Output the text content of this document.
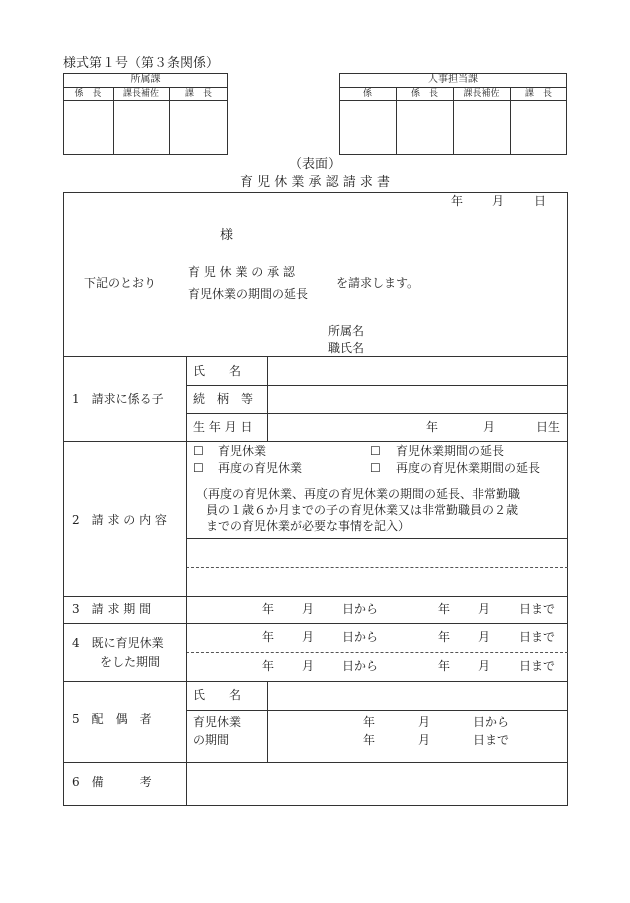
様式第１号（第３条関係）
所属課
係　長	課長補佐	課　長
人事担当課
係	係　長	課長補佐	課　長
（表面）
育 児 休 業 承 認 請 求 書
年 月 日
様
下記のとおり
育 児 休 業 の 承 認
育児休業の期間の延長
を請求します。
所属名
職氏名
1　請求に係る子
氏　　名
続　柄　等
生 年 月 日	年	月	日生
2　請 求 の 内 容
☐ 育児休業	☐ 育児休業期間の延長
☐ 再度の育児休業	☐ 再度の育児休業期間の延長
（再度の育児休業、再度の育児休業の期間の延長、非常勤職
員の１歳６か月までの子の育児休業又は非常勤職員の２歳
までの育児休業が必要な事情を記入）
3　請 求 期 間	年 月 日から	年 月 日まで
4　既に育児休業
をした期間
年 月 日から	年 月 日まで
年 月 日から	年 月 日まで
5　配　偶　者
氏　　名
育児休業
の期間
年	月	日から
年	月	日まで
6　備　　　考
